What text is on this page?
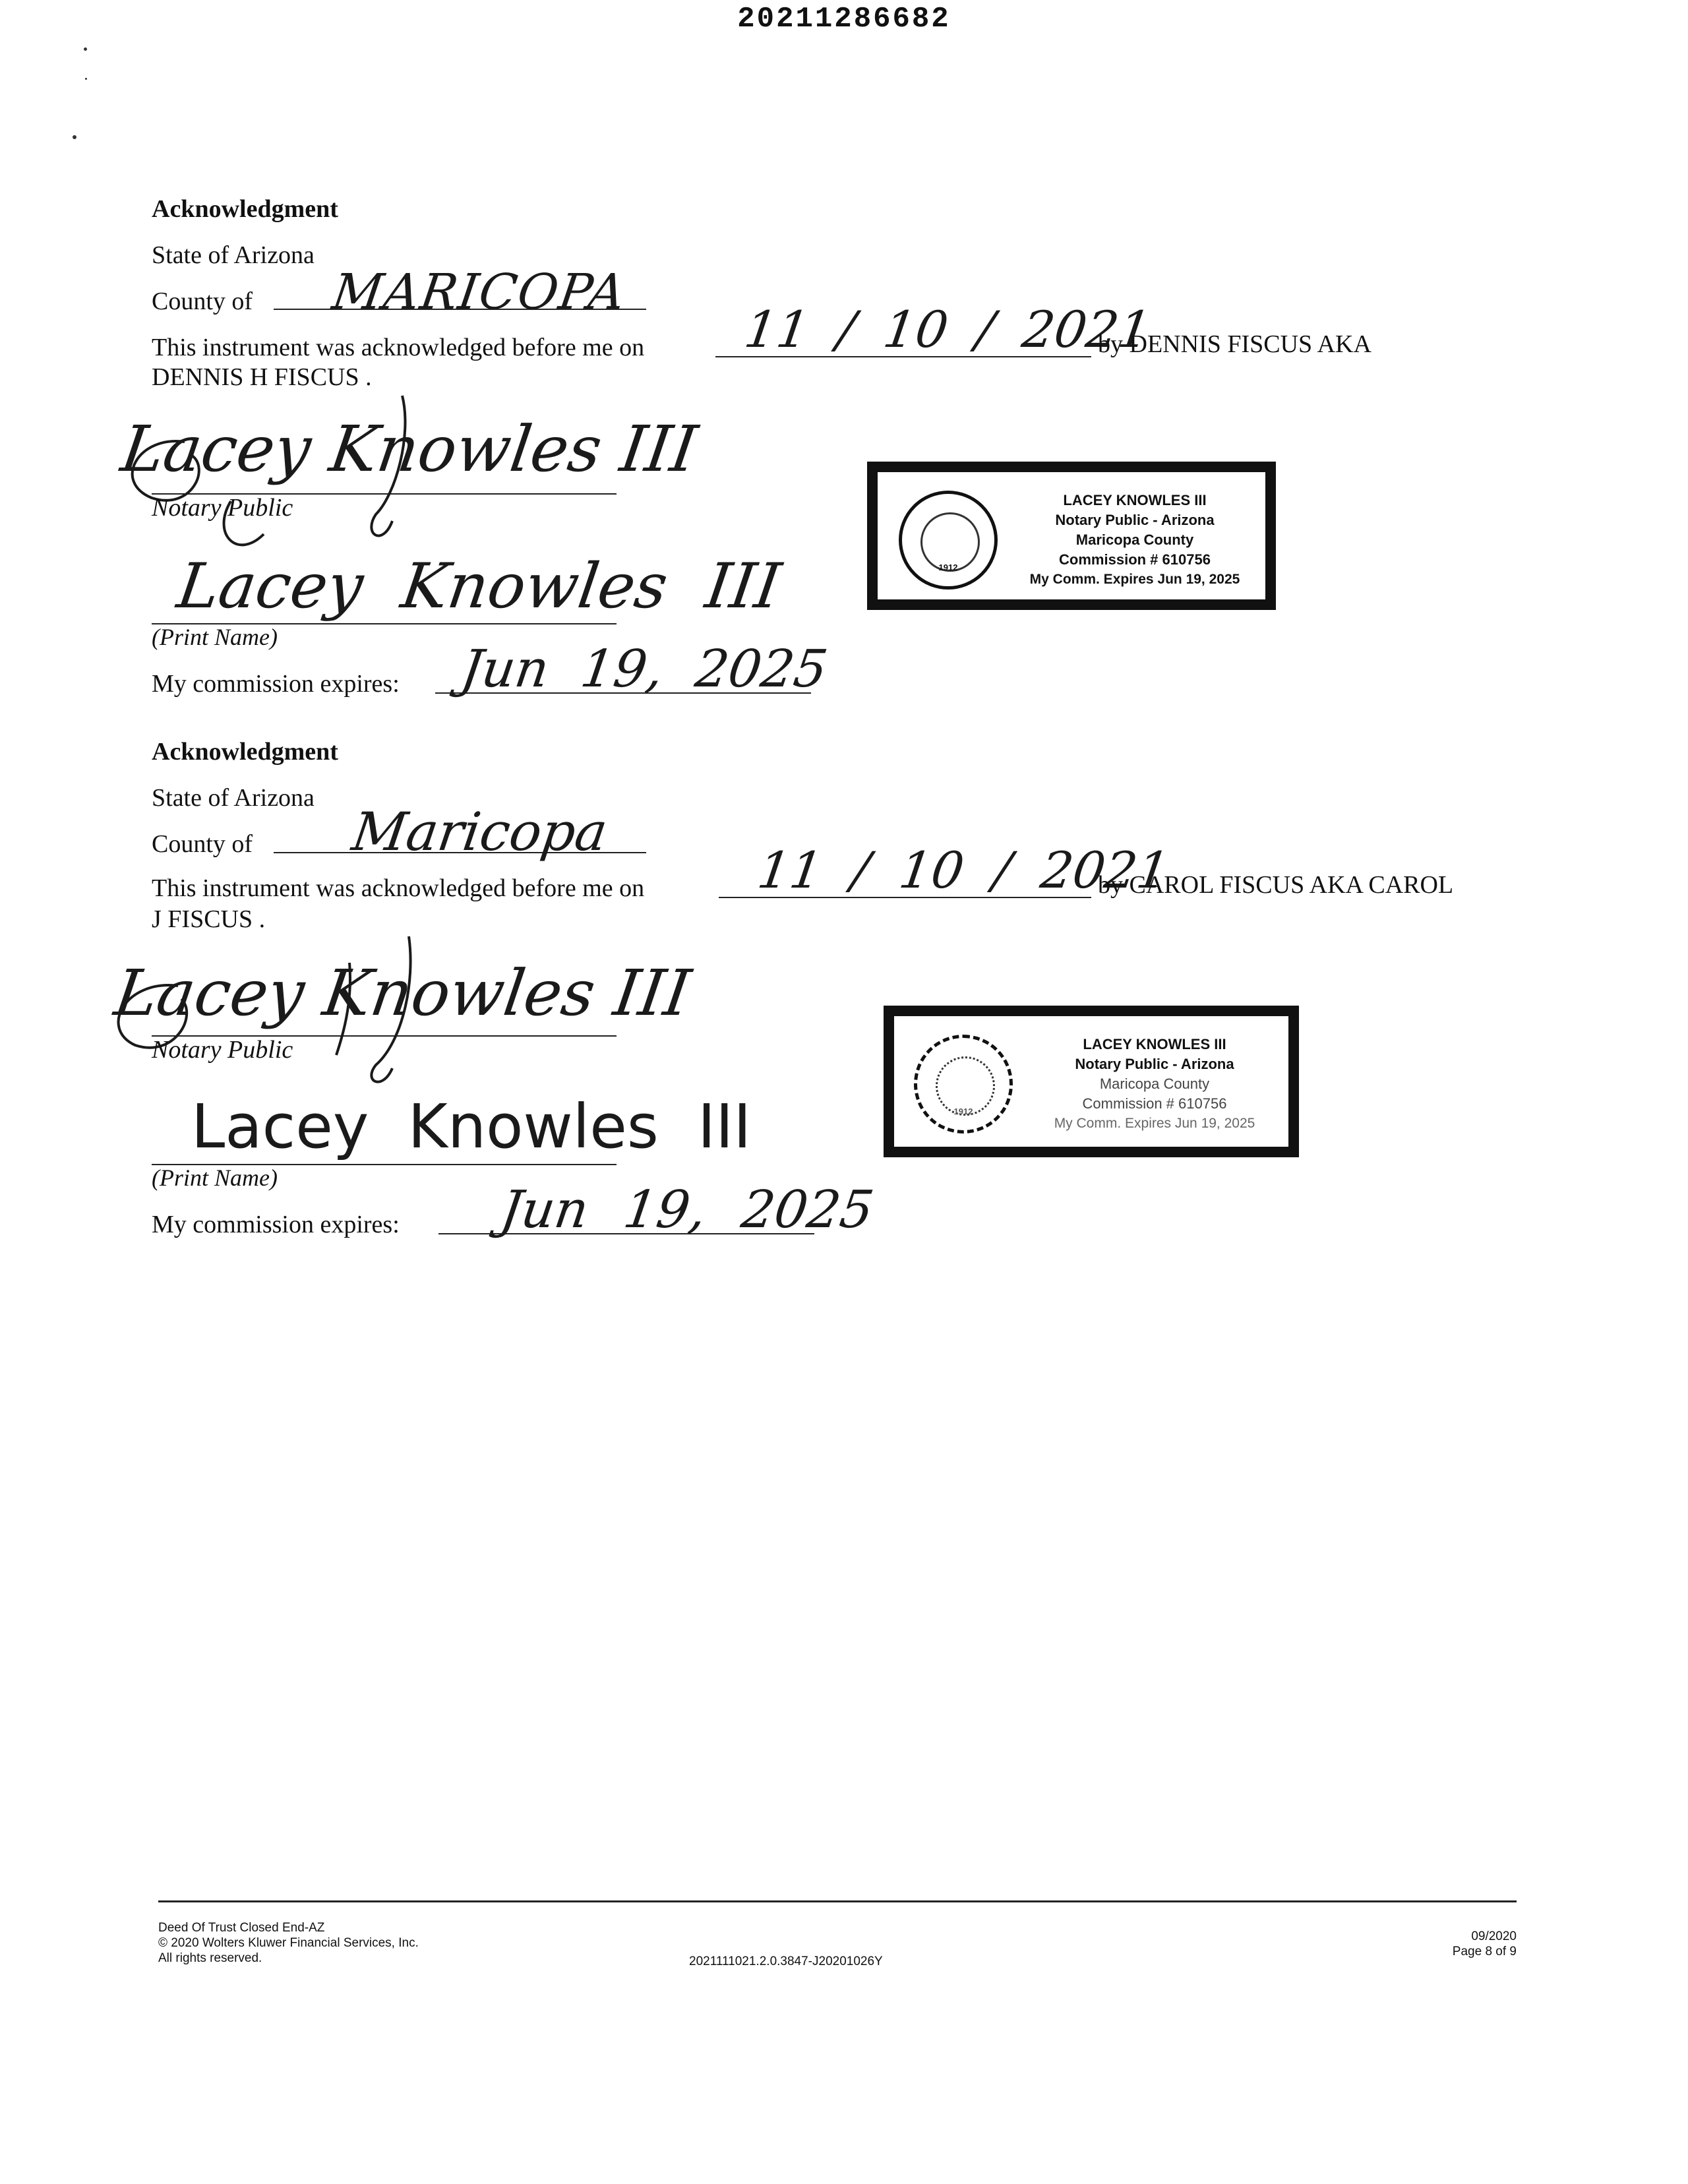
20211286682
Acknowledgment
State of Arizona
County of MARICOPA
This instrument was acknowledged before me on 11 / 10 / 2021
by DENNIS FISCUS AKA
DENNIS H FISCUS .
Lacey Knowles III
Notary Public
Lacey Knowles III
(Print Name)
My commission expires: Jun 19, 2025
1912
LACEY KNOWLES III
Notary Public - Arizona
Maricopa County
Commission # 610756
My Comm. Expires Jun 19, 2025
Acknowledgment
State of Arizona
County of Maricopa
This instrument was acknowledged before me on 11 / 10 / 2021
by CAROL FISCUS AKA CAROL
J FISCUS .
Lacey Knowles III
Notary Public
Lacey Knowles III
(Print Name)
My commission expires: Jun 19, 2025
1912
LACEY KNOWLES III
Notary Public - Arizona
Maricopa County
Commission # 610756
My Comm. Expires Jun 19, 2025
Deed Of Trust Closed End-AZ
© 2020 Wolters Kluwer Financial Services, Inc.
All rights reserved.	2021111021.2.0.3847-J20201026Y
09/2020
Page 8 of 9
